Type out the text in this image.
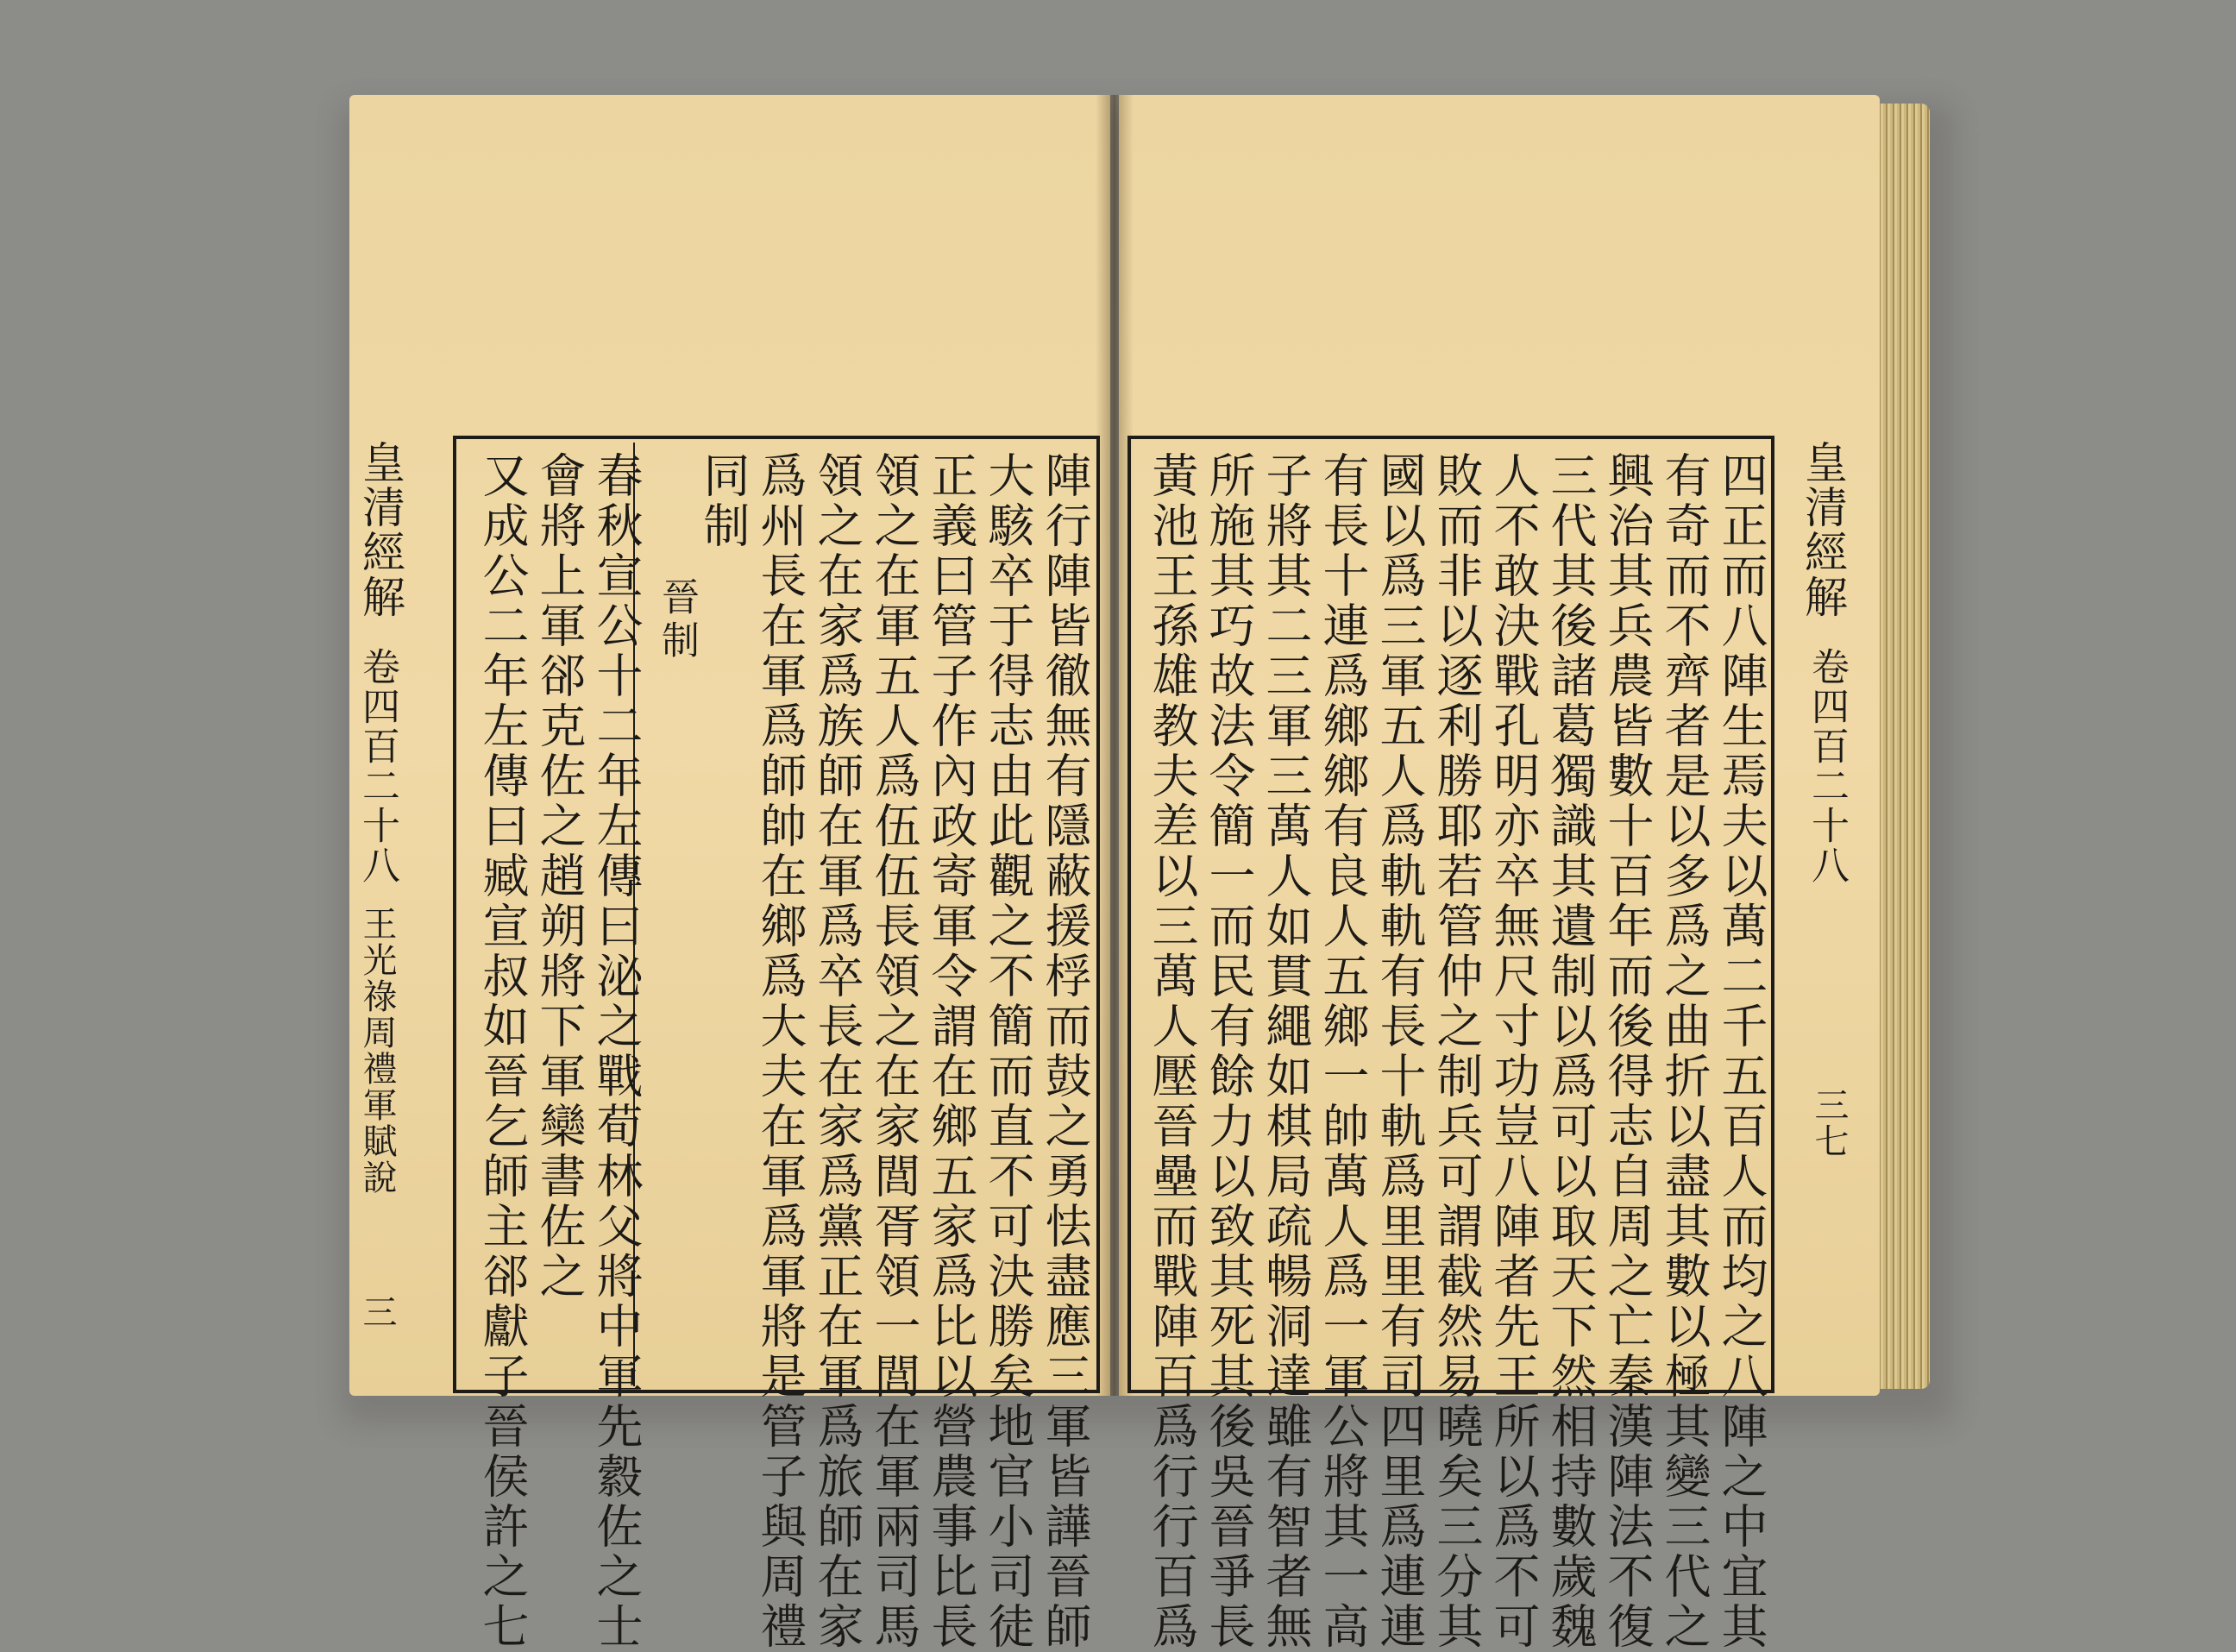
陣行陣皆徹無有隱蔽援桴而鼓之勇怯盡應三軍皆譁晉師
大駭卒于得志由此觀之不簡而直不可決勝矣地官小司徒
正義曰管子作內政寄軍令謂在鄉五家爲比以營農事比長
領之在軍五人爲伍伍長領之在家閭胥領一閭在軍兩司馬
領之在家爲族師在軍爲卒長在家爲黨正在軍爲旅師在家
爲州長在軍爲師帥在鄉爲大夫在軍爲軍將是管子與周禮
同制
晉制
春秋宣公十二年左傳曰泌之戰荀林父將中軍先縠佐之士
會將上軍郤克佐之趙朔將下軍欒書佐之
又成公二年左傳曰臧宣叔如晉乞師主郤獻子晉侯許之七
皇清經解
卷四百二十八
王光祿周禮軍賦說
三	四正而八陣生焉夫以萬二千五百人而均之八陣之中宜其
有奇而不齊者是以多爲之曲折以盡其數以極其變三代之
興治其兵農皆數十百年而後得志自周之亡秦漢陣法不復
三代其後諸葛獨識其遺制以爲可以取天下然相持數歲魏
人不敢決戰孔明亦卒無尺寸功豈八陣者先王所以爲不可
敗而非以逐利勝耶若管仲之制兵可謂截然易曉矣三分其
國以爲三軍五人爲軌軌有長十軌爲里里有司四里爲連連
有長十連爲鄉鄉有良人五鄉一帥萬人爲一軍公將其一高
子將其二三軍三萬人如貫繩如棋局疏暢洞達雖有智者無
所施其巧故法令簡一而民有餘力以致其死其後吳晉爭長
黃池王孫雄教夫差以三萬人壓晉壘而戰陣百爲行行百爲	皇清經解
卷四百二十八
三七
